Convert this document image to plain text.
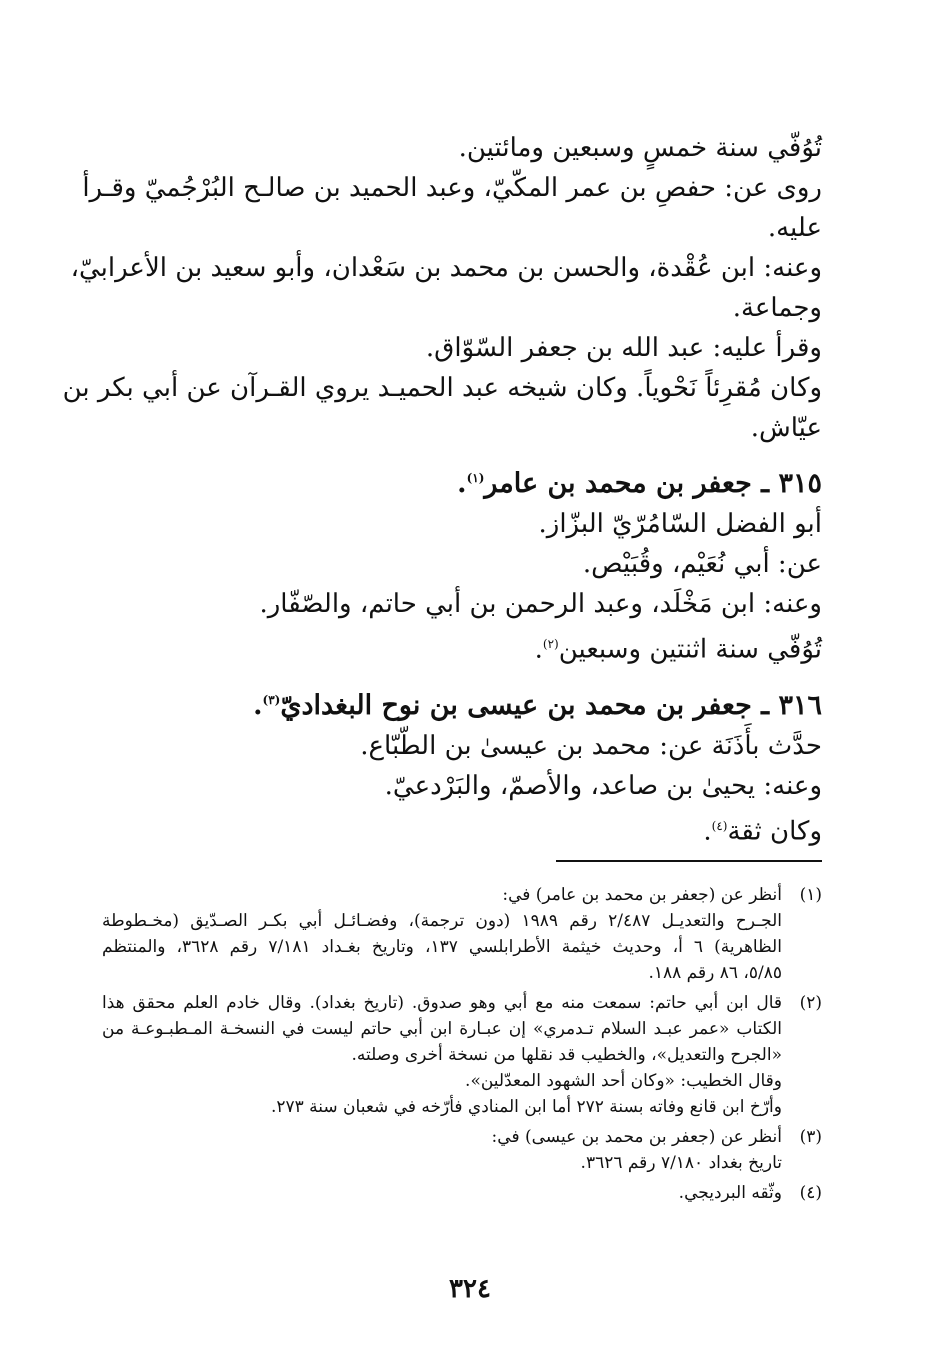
تُوُفّي سنة خمسٍ وسبعين ومائتين.
روى عن: حفصِ بن عمر المكّيّ، وعبد الحميد بن صالـح البُرْجُميّ وقـرأ
عليه.
وعنه: ابن عُقْدة، والحسن بن محمد بن سَعْدان، وأبو سعيد بن الأعرابيّ،
وجماعة.
وقرأ عليه: عبد الله بن جعفر السّوّاق.
وكان مُقرِئاً نَحْوياً. وكان شيخه عبد الحميـد يروي القـرآن عن أبي بكر بن
عيّاش.
٣١٥ ـ جعفر بن محمد بن عامر$^{(١)}$.
أبو الفضل السّامُرّيّ البزّاز.
عن: أبي نُعَيْم، وقُبَيْص.
وعنه: ابن مَخْلَد، وعبد الرحمن بن أبي حاتم، والصّفّار.
تُوُفّي سنة اثنتين وسبعين$^{(٢)}$.
٣١٦ ـ جعفر بن محمد بن عيسى بن نوح البغداديّ$^{(٣)}$.
حدَّث بأَذَنَة عن: محمد بن عيسىٰ بن الطّبّاع.
وعنه: يحيىٰ بن صاعد، والأصمّ، والبَرْدعيّ.
وكان ثقة$^{(٤)}$.
(١)
أنظر عن (جعفر بن محمد بن عامر) في:
الجـرح والتعديـل ٢/٤٨٧ رقم ١٩٨٩ (دون ترجمة)، وفضـائـل أبي بكـر الصـدّيق (مخـطوطة
الظاهرية) ٦ أ، وحديث خيثمة الأطرابلسي ١٣٧، وتاريخ بغـداد ٧/١٨١ رقم ٣٦٢٨، والمنتظم
٥/٨٥، ٨٦ رقم ١٨٨.
(٢)
قال ابن أبي حاتم: سمعت منه مع أبي وهو صدوق. (تاريخ بغداد). وقال خادم العلم محقق هذا
الكتاب «عمر عبـد السلام تـدمري» إن عبـارة ابن أبي حاتم ليست في النسخـة المـطبـوعـة من
«الجرح والتعديل»، والخطيب قد نقلها من نسخة أخرى وصلته.
وقال الخطيب: «وكان أحد الشهود المعدّلين».
وأرّخ ابن قانع وفاته بسنة ٢٧٢ أما ابن المنادي فأرّخه في شعبان سنة ٢٧٣.
(٣)
أنظر عن (جعفر بن محمد بن عيسى) في:
تاريخ بغداد ٧/١٨٠ رقم ٣٦٢٦.
(٤)
وثّقه البرديجي.
٣٢٤
